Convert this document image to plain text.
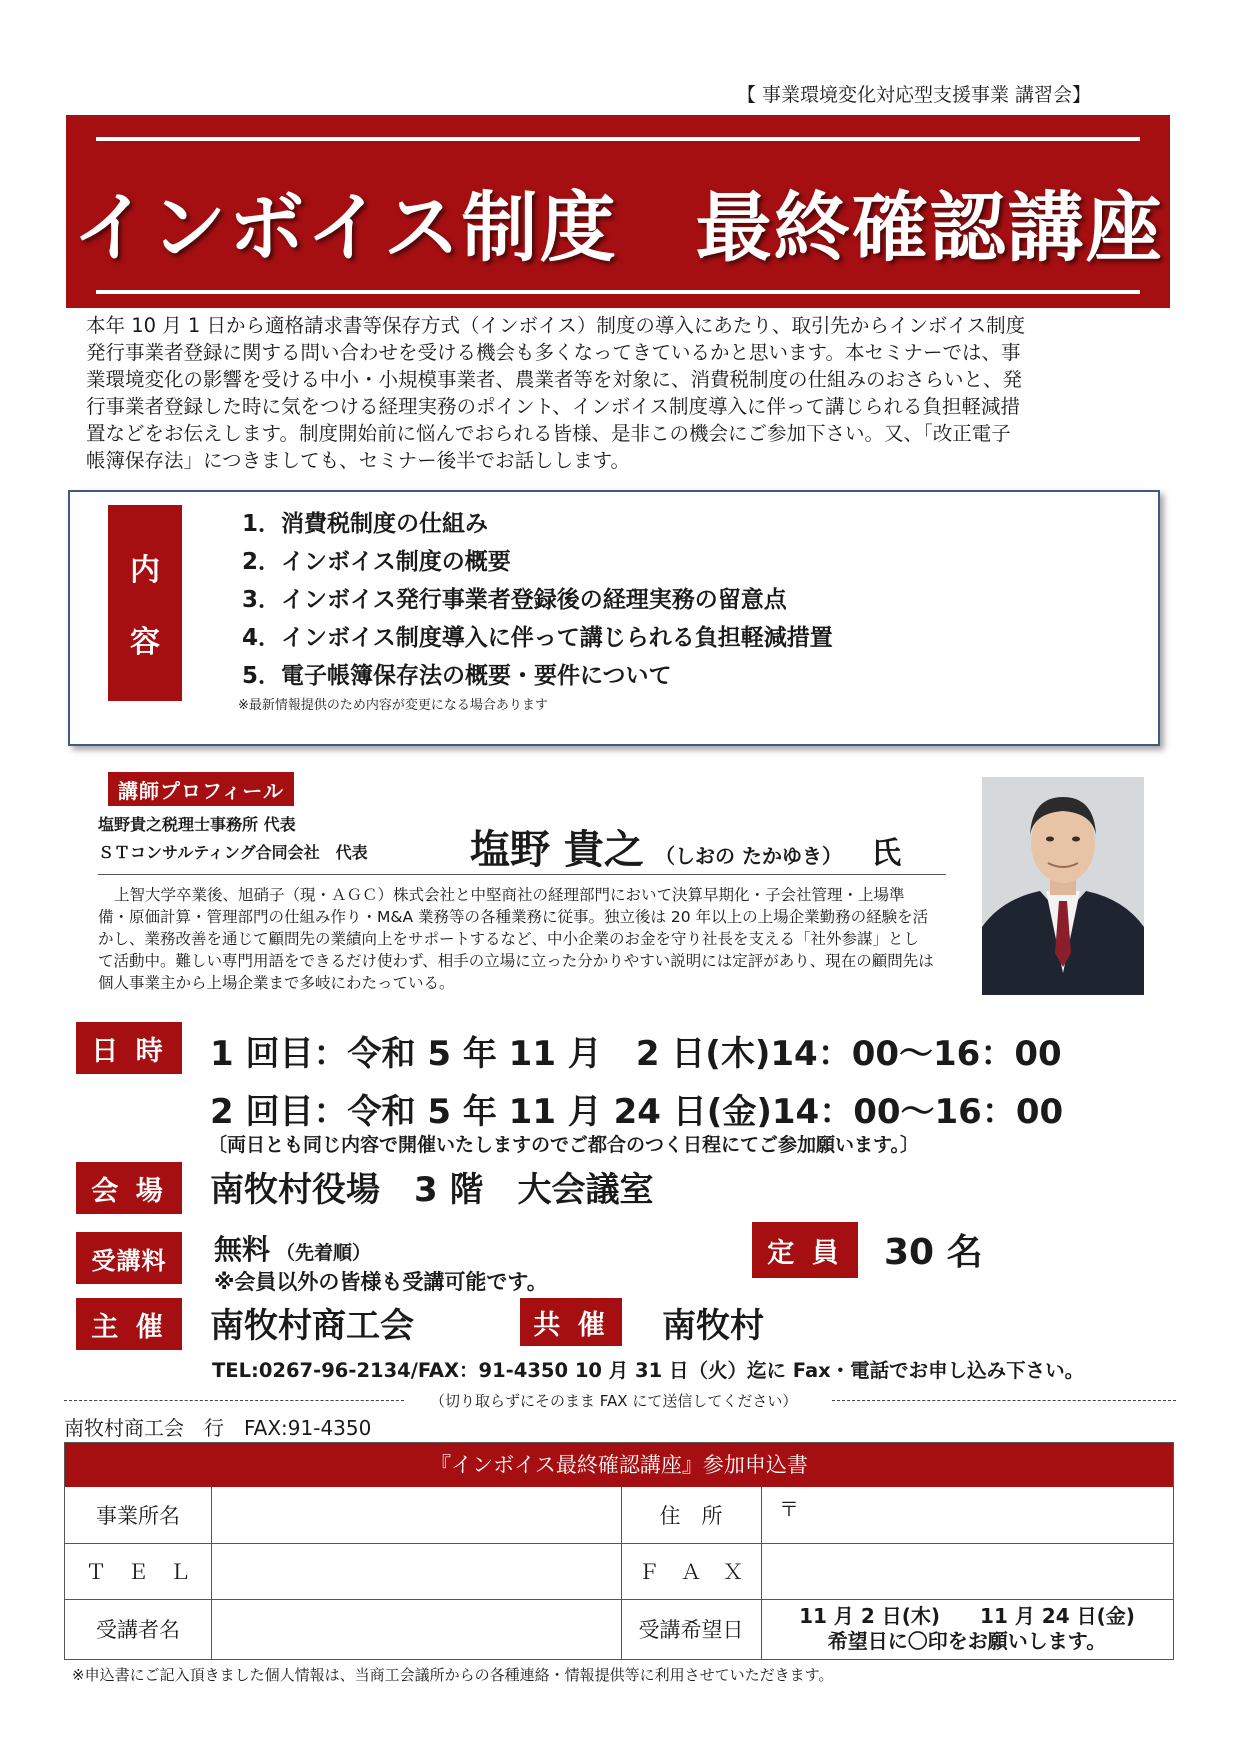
【 事業環境変化対応型支援事業 講習会】
インボイス制度　最終確認講座

本年 10 月 1 日から適格請求書等保存方式（インボイス）制度の導入にあたり、取引先からインボイス制度

発行事業者登録に関する問い合わせを受ける機会も多くなってきているかと思います。本セミナーでは、事

業環境変化の影響を受ける中小・小規模事業者、農業者等を対象に、消費税制度の仕組みのおさらいと、発

行事業者登録した時に気をつける経理実務のポイント、インボイス制度導入に伴って講じられる負担軽減措

置などをお伝えします。制度開始前に悩んでおられる皆様、是非この機会にご参加下さい。又、「改正電子

帳簿保存法」につきましても、セミナー後半でお話しします。

内
容
1．消費税制度の仕組み
2．インボイス制度の概要
3．インボイス発行事業者登録後の経理実務の留意点
4．インボイス制度導入に伴って講じられる負担軽減措置
5．電子帳簿保存法の概要・要件について
※最新情報提供のため内容が変更になる場合あります
講師プロフィール
塩野貴之税理士事務所 代表
ＳＴコンサルティング合同会社　代表	塩野 貴之 （しおの たかゆき） 氏
上智大学卒業後、旭硝子（現・ＡＧＣ）株式会社と中堅商社の経理部門において決算早期化・子会社管理・上場準備・原価計算・管理部門の仕組み作り・M&A 業務等の各種業務に従事。独立後は 20 年以上の上場企業勤務の経験を活かし、業務改善を通じて顧問先の業績向上をサポートするなど、中小企業のお金を守り社長を支える「社外参謀」として活動中。難しい専門用語をできるだけ使わず、相手の立場に立った分かりやすい説明には定評があり、現在の顧問先は個人事業主から上場企業まで多岐にわたっている。
日 時	1 回目：令和 5 年 11 月　2 日(木)14：00～16：00
2 回目：令和 5 年 11 月 24 日(金)14：00～16：00
〔両日とも同じ内容で開催いたしますのでご都合のつく日程にてご参加願います。〕
会 場	南牧村役場　3 階　大会議室
受講料	無料 （先着順）
※会員以外の皆様も受講可能です。
定 員	30 名
主 催	南牧村商工会	共 催	南牧村
TEL:0267-96-2134/FAX：91-4350 10 月 31 日（火）迄に Fax・電話でお申し込み下さい。
（切り取らずにそのまま FAX にて送信してください）
南牧村商工会　行　FAX:91-4350
『インボイス最終確認講座』参加申込書
事業所名	住　所	〒
Ｔ　Ｅ　Ｌ	Ｆ　Ａ　Ｘ
受講者名	受講希望日
11 月 2 日(木)　　11 月 24 日(金)
希望日に〇印をお願いします。
※申込書にご記入頂きました個人情報は、当商工会議所からの各種連絡・情報提供等に利用させていただきます。
